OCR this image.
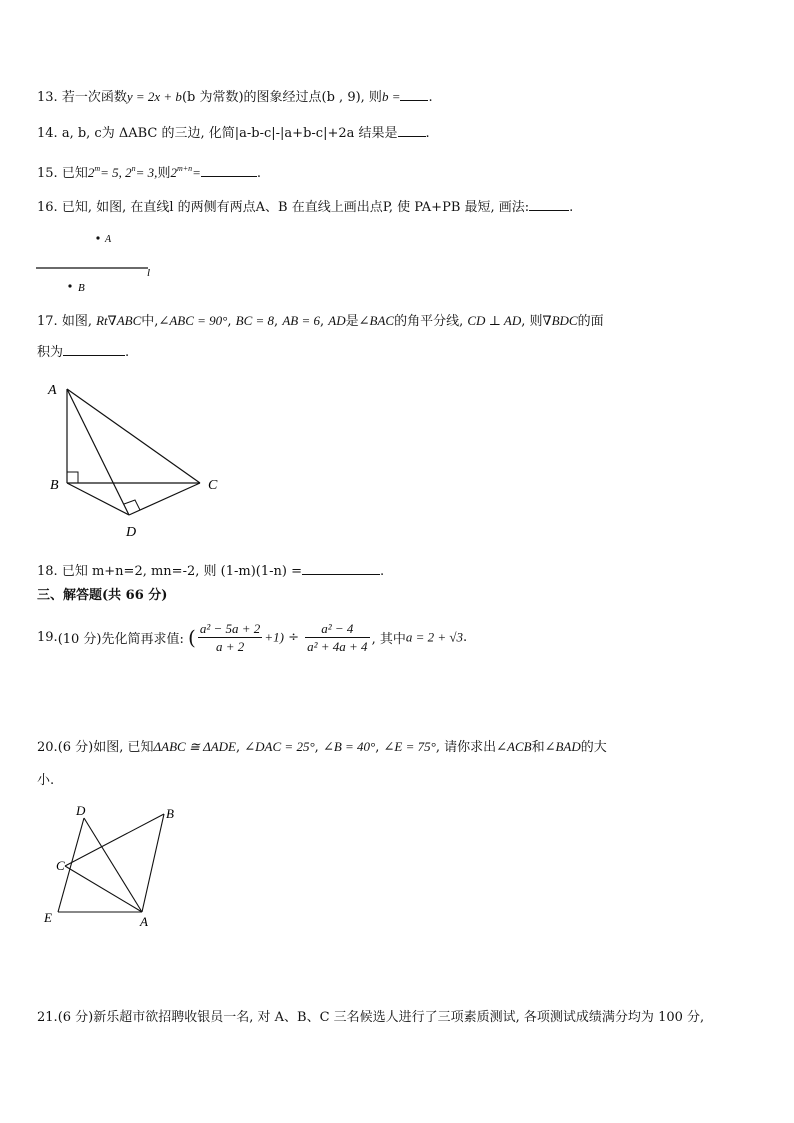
13. 若一次函数y = 2x + b(b 为常数)的图象经过点(b , 9), 则b = .
14. a, b, c为 ΔABC 的三边, 化简|a-b-c|-|a+b-c|+2a 结果是 .
15. 已知$2^m= 5$, $2^n= 3$,则$2^{m+n}=$	.
16. 已知, 如图, 在直线l 的两侧有两点A、B 在直线上画出点P, 使 PA+PB 最短, 画法:	.
A
l
B
17. 如图, Rt∇ABC中,∠ABC = 90°, BC = 8, AB = 6, AD是∠BAC的角平分线, CD ⊥ AD, 则∇BDC的面
积为	.
A
B	C
D
18. 已知 m+n=2, mn=-2, 则 (1-m)(1-n) =	.
三、解答题(共 66 分)
19.(10 分)先化简再求值: ( $\frac{\text{a² − 5a + 2}}{a + 2} +1) \div \frac{\text{a² − 4}}{\text{a² + 4a + 4}}$ , 其中a = 2 + √3.
20.(6 分)如图, 已知ΔABC ≅ ΔADE, ∠DAC = 25°, ∠B = 40°, ∠E = 75°, 请你求出∠ACB和∠BAD的大
小.
D	B
C
E	A
21.(6 分)新乐超市欲招聘收银员一名, 对 A、B、C 三名候选人进行了三项素质测试, 各项测试成绩满分均为 100 分,
